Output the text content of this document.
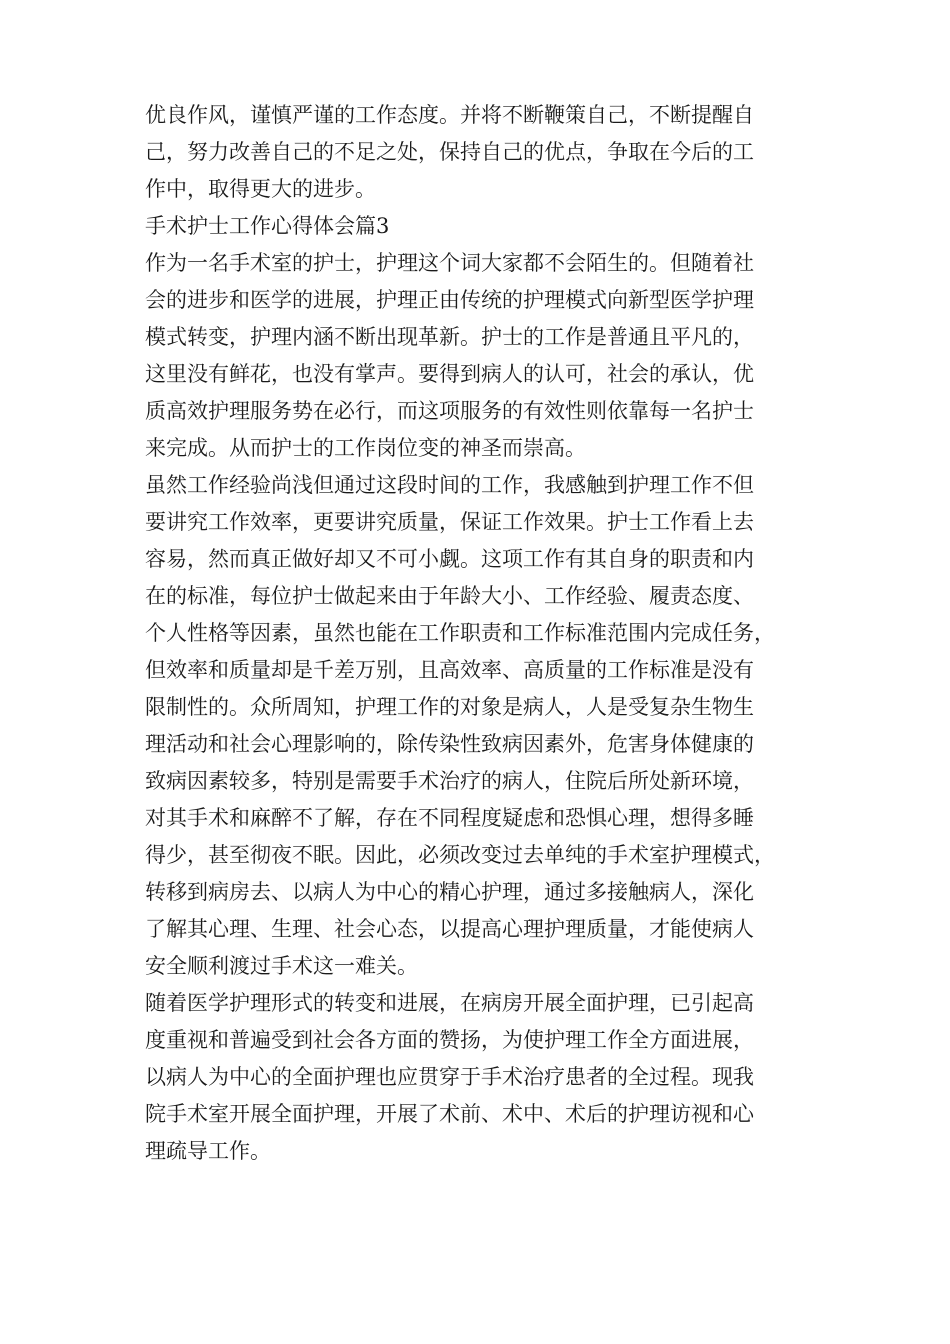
优良作风，谨慎严谨的工作态度。并将不断鞭策自己，不断提醒自
己，努力改善自己的不足之处，保持自己的优点，争取在今后的工
作中，取得更大的进步。
手术护士工作心得体会篇3
作为一名手术室的护士，护理这个词大家都不会陌生的。但随着社
会的进步和医学的进展，护理正由传统的护理模式向新型医学护理
模式转变，护理内涵不断出现革新。护士的工作是普通且平凡的，
这里没有鲜花，也没有掌声。要得到病人的认可，社会的承认，优
质高效护理服务势在必行，而这项服务的有效性则依靠每一名护士
来完成。从而护士的工作岗位变的神圣而崇高。
虽然工作经验尚浅但通过这段时间的工作，我感触到护理工作不但
要讲究工作效率，更要讲究质量，保证工作效果。护士工作看上去
容易，然而真正做好却又不可小觑。这项工作有其自身的职责和内
在的标准，每位护士做起来由于年龄大小、工作经验、履责态度、
个人性格等因素，虽然也能在工作职责和工作标准范围内完成任务，
但效率和质量却是千差万别，且高效率、高质量的工作标准是没有
限制性的。众所周知，护理工作的对象是病人，人是受复杂生物生
理活动和社会心理影响的，除传染性致病因素外，危害身体健康的
致病因素较多，特别是需要手术治疗的病人，住院后所处新环境，
对其手术和麻醉不了解，存在不同程度疑虑和恐惧心理，想得多睡
得少，甚至彻夜不眠。因此，必须改变过去单纯的手术室护理模式，
转移到病房去、以病人为中心的精心护理，通过多接触病人，深化
了解其心理、生理、社会心态，以提高心理护理质量，才能使病人
安全顺利渡过手术这一难关。
随着医学护理形式的转变和进展，在病房开展全面护理，已引起高
度重视和普遍受到社会各方面的赞扬，为使护理工作全方面进展，
以病人为中心的全面护理也应贯穿于手术治疗患者的全过程。现我
院手术室开展全面护理，开展了术前、术中、术后的护理访视和心
理疏导工作。
